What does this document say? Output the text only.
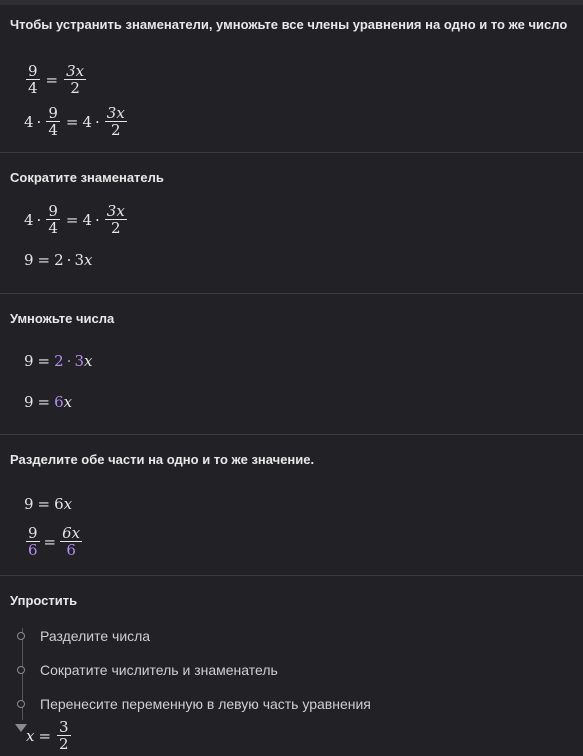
Чтобы устранить знаменатели, умножьте все члены уравнения на одно и то же число
$\frac{9}{4} = \frac{3x}{2}$
$4 \cdot \frac{9}{4} = 4 \cdot \frac{3x}{2}$
Сократите знаменатель
$4 \cdot \frac{9}{4} = 4 \cdot \frac{3x}{2}$
9 = 2 · 3 x
Умножьте числа
9 = 2 · 3 x
9 = 6 x
Разделите обе части на одно и то же значение.
9 = 6 x
$\frac{9}{6} = \frac{6x}{6}$
Упростить
Разделите числа
Сократите числитель и знаменатель
Перенесите переменную в левую часть уравнения
$x = \frac{3}{2}$
